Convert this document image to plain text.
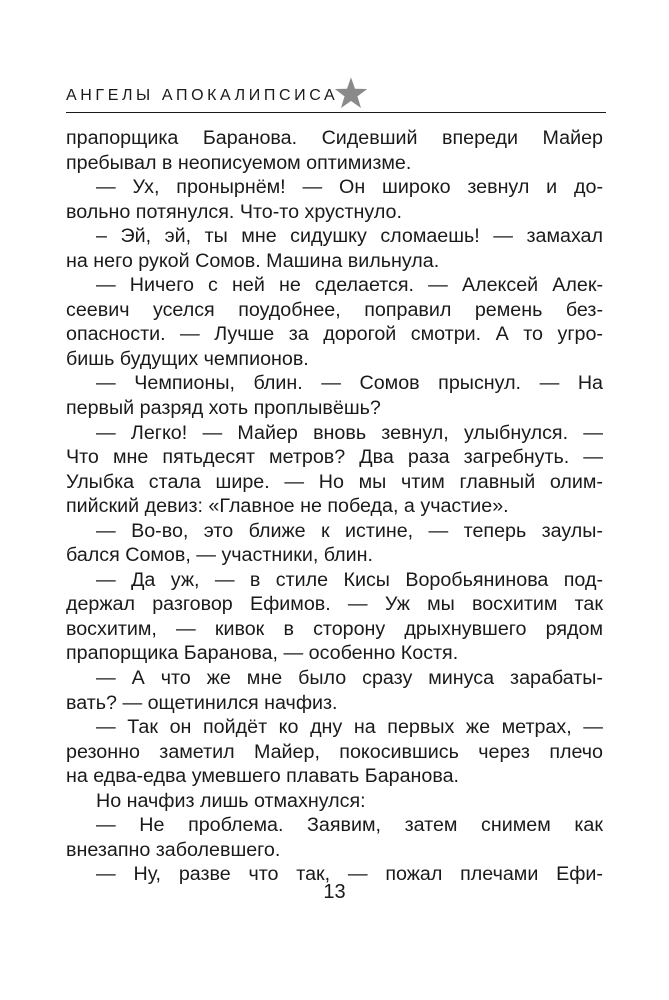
АНГЕЛЫ АПОКАЛИПСИСА
прапорщика Баранова. Сидевший впереди Майер
пребывал в неописуемом оптимизме.
— Ух, пронырнём! — Он широко зевнул и до-
вольно потянулся. Что-то хрустнуло.
– Эй, эй, ты мне сидушку сломаешь! — замахал
на него рукой Сомов. Машина вильнула.
— Ничего с ней не сделается. — Алексей Алек-
сеевич уселся поудобнее, поправил ремень без-
опасности. — Лучше за дорогой смотри. А то угро-
бишь будущих чемпионов.
— Чемпионы, блин. — Сомов прыснул. — На
первый разряд хоть проплывёшь?
— Легко! — Майер вновь зевнул, улыбнулся. —
Что мне пятьдесят метров? Два раза загребнуть. —
Улыбка стала шире. — Но мы чтим главный олим-
пийский девиз: «Главное не победа, а участие».
— Во-во, это ближе к истине, — теперь заулы-
бался Сомов, — участники, блин.
— Да уж, — в стиле Кисы Воробьянинова под-
держал разговор Ефимов. — Уж мы восхитим так
восхитим, — кивок в сторону дрыхнувшего рядом
прапорщика Баранова, — особенно Костя.
— А что же мне было сразу минуса зарабаты-
вать? — ощетинился начфиз.
— Так он пойдёт ко дну на первых же метрах, —
резонно заметил Майер, покосившись через плечо
на едва-едва умевшего плавать Баранова.
Но начфиз лишь отмахнулся:
— Не проблема. Заявим, затем снимем как
внезапно заболевшего.
— Ну, разве что так, — пожал плечами Ефи-
13
